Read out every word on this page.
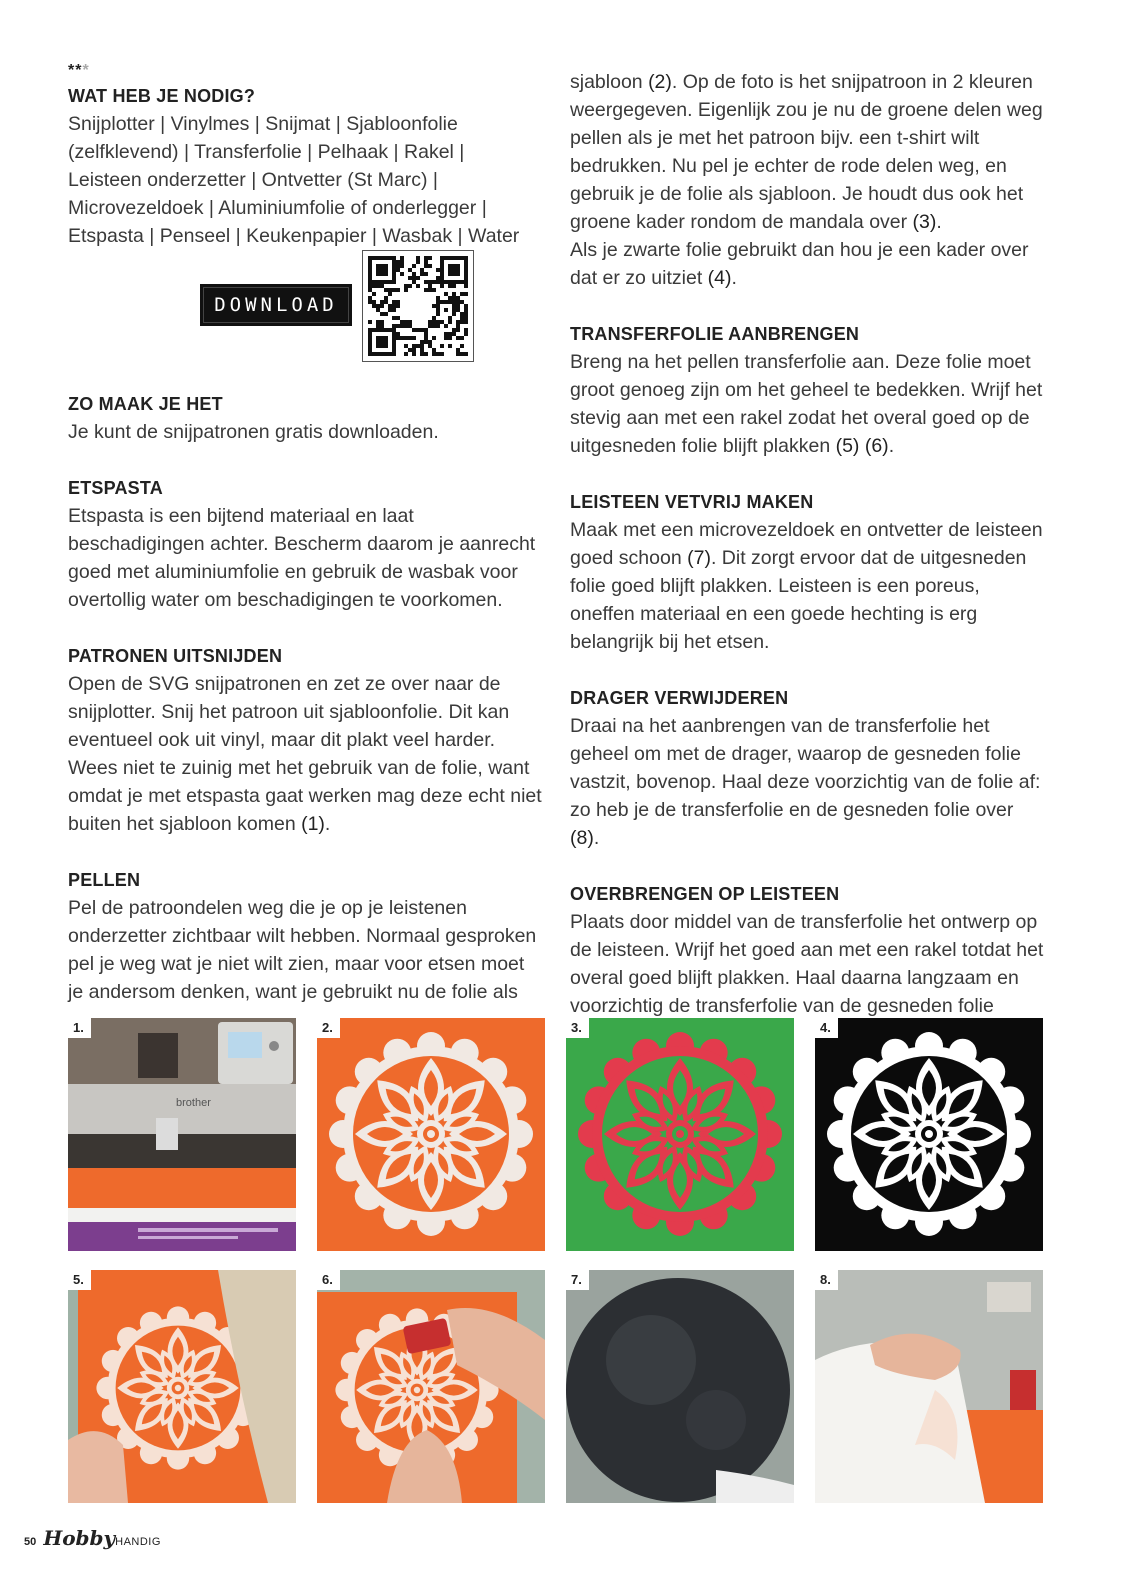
***
WAT HEB JE NODIG?

Snijplotter | Vinylmes | Snijmat | Sjabloonfolie (zelfklevend) | Transferfolie | Pelhaak | Rakel | Leisteen onderzetter | Ontvetter (St Marc) | Microvezeldoek | Aluminiumfolie of onderlegger | Etspasta | Penseel | Keukenpapier | Wasbak | Water

DOWNLOAD
ZO MAAK JE HET

Je kunt de snijpatronen gratis downloaden.

ETSPASTA

Etspasta is een bijtend materiaal en laat beschadigingen achter. Bescherm daarom je aanrecht goed met aluminiumfolie en gebruik de wasbak voor overtollig water om beschadigingen te voorkomen.

PATRONEN UITSNIJDEN

Open de SVG snijpatronen en zet ze over naar de snijplotter. Snij het patroon uit sjabloonfolie. Dit kan eventueel ook uit vinyl, maar dit plakt veel harder. Wees niet te zuinig met het gebruik van de folie, want omdat je met etspasta gaat werken mag deze echt niet buiten het sjabloon komen (1).

PELLEN

Pel de patroondelen weg die je op je leistenen onderzetter zichtbaar wilt hebben. Normaal gesproken pel je weg wat je niet wilt zien, maar voor etsen moet je andersom denken, want je gebruikt nu de folie als

sjabloon (2). Op de foto is het snijpatroon in 2 kleuren weergegeven. Eigenlijk zou je nu de groene delen weg pellen als je met het patroon bijv. een t-shirt wilt bedrukken. Nu pel je echter de rode delen weg, en gebruik je de folie als sjabloon. Je houdt dus ook het groene kader rondom de mandala over (3).

Als je zwarte folie gebruikt dan hou je een kader over dat er zo uitziet (4).

TRANSFERFOLIE AANBRENGEN

Breng na het pellen transferfolie aan. Deze folie moet groot genoeg zijn om het geheel te bedekken. Wrijf het stevig aan met een rakel zodat het overal goed op de uitgesneden folie blijft plakken (5) (6).

LEISTEEN VETVRIJ MAKEN

Maak met een microvezeldoek en ontvetter de leisteen goed schoon (7). Dit zorgt ervoor dat de uitgesneden folie goed blijft plakken. Leisteen is een poreus, oneffen materiaal en een goede hechting is erg belangrijk bij het etsen.

DRAGER VERWIJDEREN

Draai na het aanbrengen van de transferfolie het geheel om met de drager, waarop de gesneden folie vastzit, bovenop. Haal deze voorzichtig van de folie af: zo heb je de transferfolie en de gesneden folie over (8).

OVERBRENGEN OP LEISTEEN

Plaats door middel van de transferfolie het ontwerp op de leisteen. Wrijf het goed aan met een rakel totdat het overal goed blijft plakken. Haal daarna langzaam en voorzichtig de transferfolie van de gesneden folie

brother
1.	2.	3.	4.
5.	6.	7.	8.
50 HobbyHANDIG
